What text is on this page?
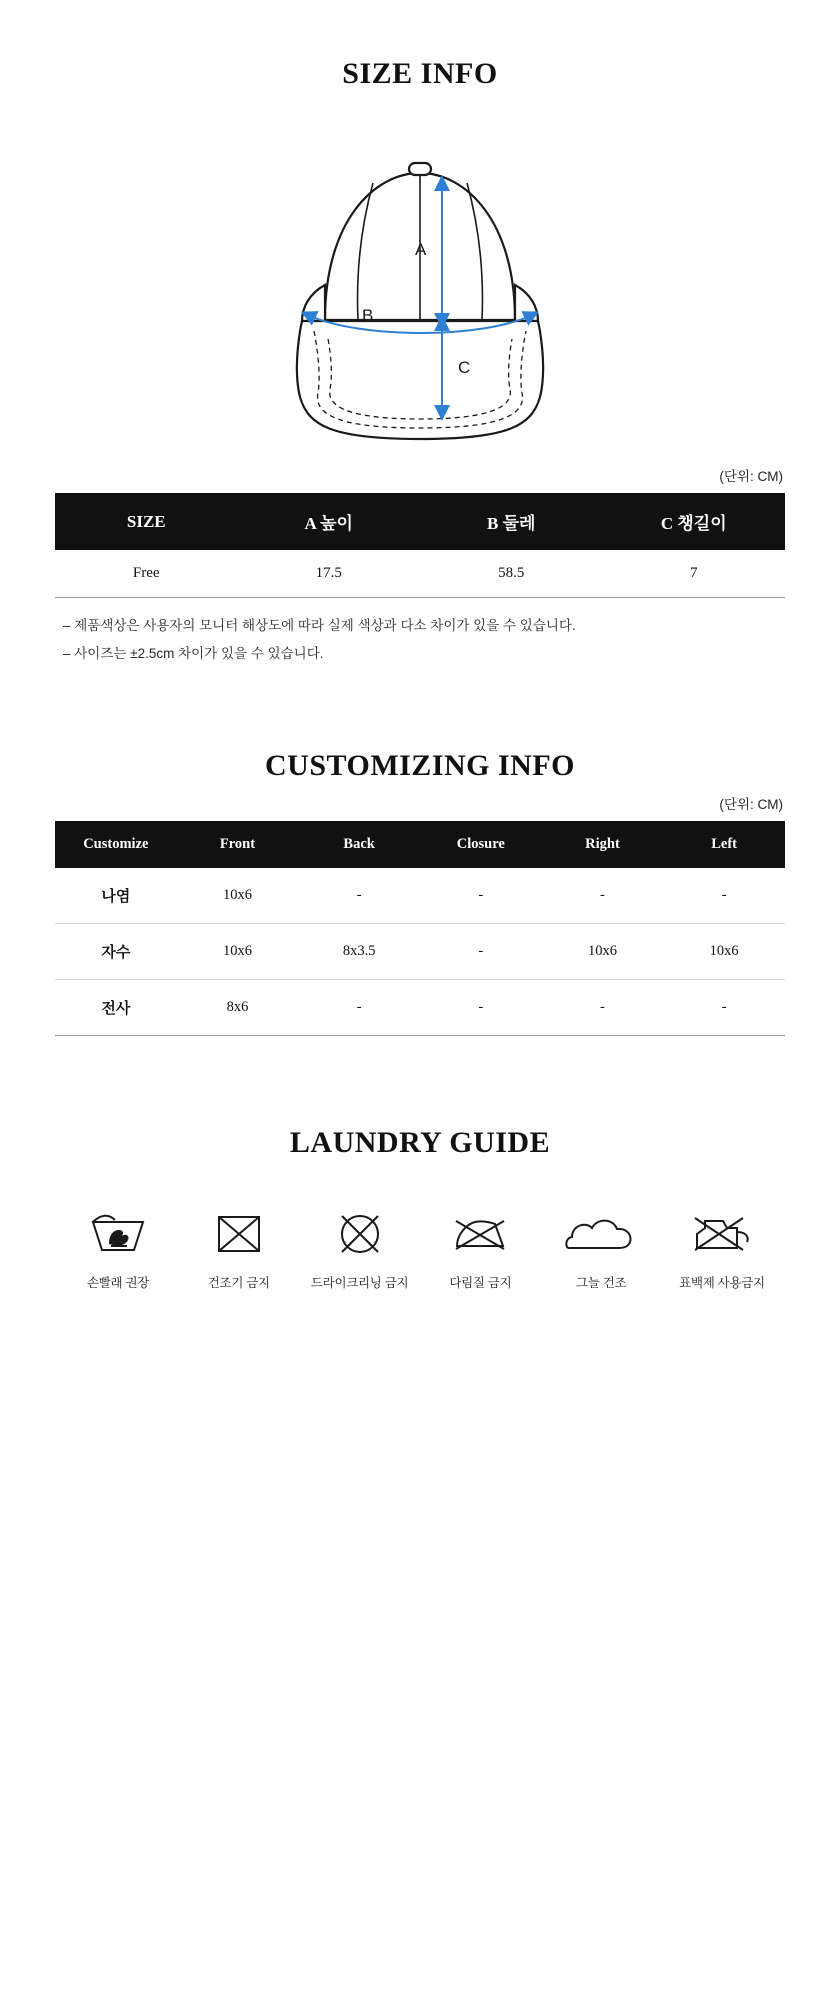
SIZE INFO
A
B
C
(단위: CM)
SIZE	A 높이	B 둘레	C 챙길이
Free	17.5	58.5	7
– 제품색상은 사용자의 모니터 해상도에 따라 실제 색상과 다소 차이가 있을 수 있습니다.
– 사이즈는 ±2.5cm 차이가 있을 수 있습니다.
CUSTOMIZING INFO
(단위: CM)
Customize	Front	Back	Closure	Right	Left
나염	10x6	-	-	-	-
자수	10x6	8x3.5	-	10x6	10x6
전사	8x6	-	-	-	-
LAUNDRY GUIDE
손빨래 권장	건조기 금지	드라이크리닝 금지	다림질 금지	그늘 건조	표백제 사용금지
